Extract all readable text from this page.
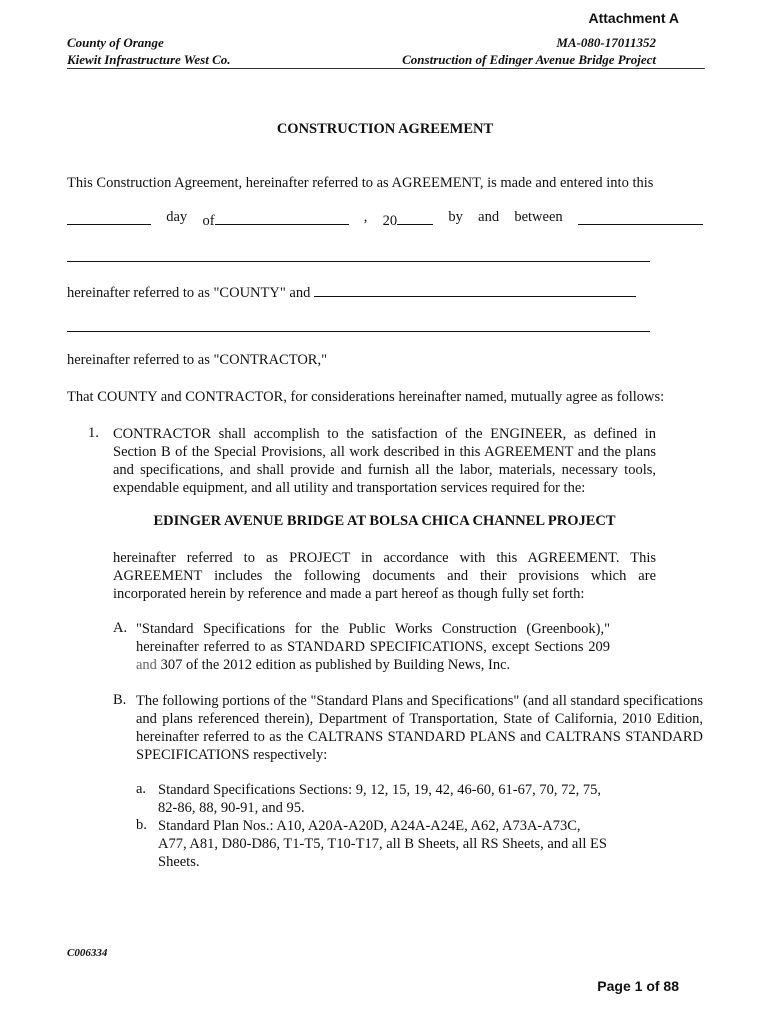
Attachment A
County of Orange
Kiewit Infrastructure West Co.
MA-080-17011352
Construction of Edinger Avenue Bridge Project
CONSTRUCTION AGREEMENT
This Construction Agreement, hereinafter referred to as AGREEMENT, is made and entered into this
day of	, 20	by and between
hereinafter referred to as "COUNTY" and
hereinafter referred to as "CONTRACTOR,"
That COUNTY and CONTRACTOR, for considerations hereinafter named, mutually agree as follows:
1. CONTRACTOR shall accomplish to the satisfaction of the ENGINEER, as defined in Section B of the Special Provisions, all work described in this AGREEMENT and the plans and specifications, and shall provide and furnish all the labor, materials, necessary tools, expendable equipment, and all utility and transportation services required for the:
EDINGER AVENUE BRIDGE AT BOLSA CHICA CHANNEL PROJECT
hereinafter referred to as PROJECT in accordance with this AGREEMENT. This AGREEMENT includes the following documents and their provisions which are incorporated herein by reference and made a part hereof as though fully set forth:
A. "Standard Specifications for the Public Works Construction (Greenbook)," hereinafter referred to as STANDARD SPECIFICATIONS, except Sections 209 and 307 of the 2012 edition as published by Building News, Inc.
B. The following portions of the "Standard Plans and Specifications" (and all standard specifications and plans referenced therein), Department of Transportation, State of California, 2010 Edition, hereinafter referred to as the CALTRANS STANDARD PLANS and CALTRANS STANDARD SPECIFICATIONS respectively:
a. Standard Specifications Sections: 9, 12, 15, 19, 42, 46-60, 61-67, 70, 72, 75, 82-86, 88, 90-91, and 95.
b. Standard Plan Nos.: A10, A20A-A20D, A24A-A24E, A62, A73A-A73C, A77, A81, D80-D86, T1-T5, T10-T17, all B Sheets, all RS Sheets, and all ES Sheets.
C006334
Page 1 of 88
